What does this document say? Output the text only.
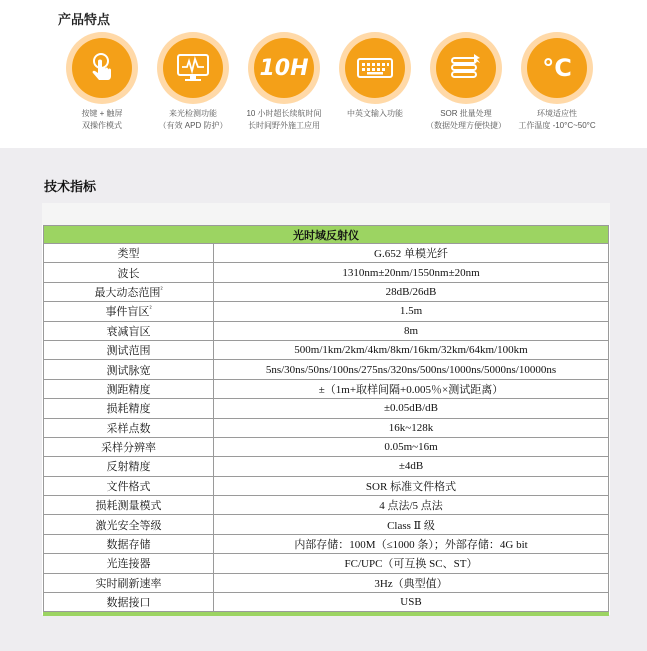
产品特点
按键 + 触屏
双操作模式
来光检测功能
（有效 APD 防护）
10H
10 小时超长续航时间
长时间野外施工应用
中英文输入功能	SOR 批量处理
（数据处理方便快捷）
°C
环境适应性
工作温度 -10°C~50°C
技术指标
光时域反射仪	
类型	G.652 单模光纤
波长	1310nm±20nm/1550nm±20nm
最大动态范围$^{^2}$	28dB/26dB
事件盲区$^{^2}$	1.5m
衰减盲区	8m
测试范围	500m/1km/2km/4km/8km/16km/32km/64km/100km
测试脉宽	5ns/30ns/50ns/100ns/275ns/320ns/500ns/1000ns/5000ns/10000ns
测距精度	±（1m+取样间隔+0.005％×测试距离）
损耗精度	±0.05dB/dB
采样点数	16k~128k
采样分辨率	0.05m~16m
反射精度	±4dB
文件格式	SOR 标准文件格式
损耗测量模式	4 点法/5 点法
激光安全等级	Class Ⅱ 级
数据存储	内部存储：100M（≤1000 条）；外部存储：4G bit
光连接器	FC/UPC（可互换 SC、ST）
实时刷新速率	3Hz（典型值）
数据接口	USB
